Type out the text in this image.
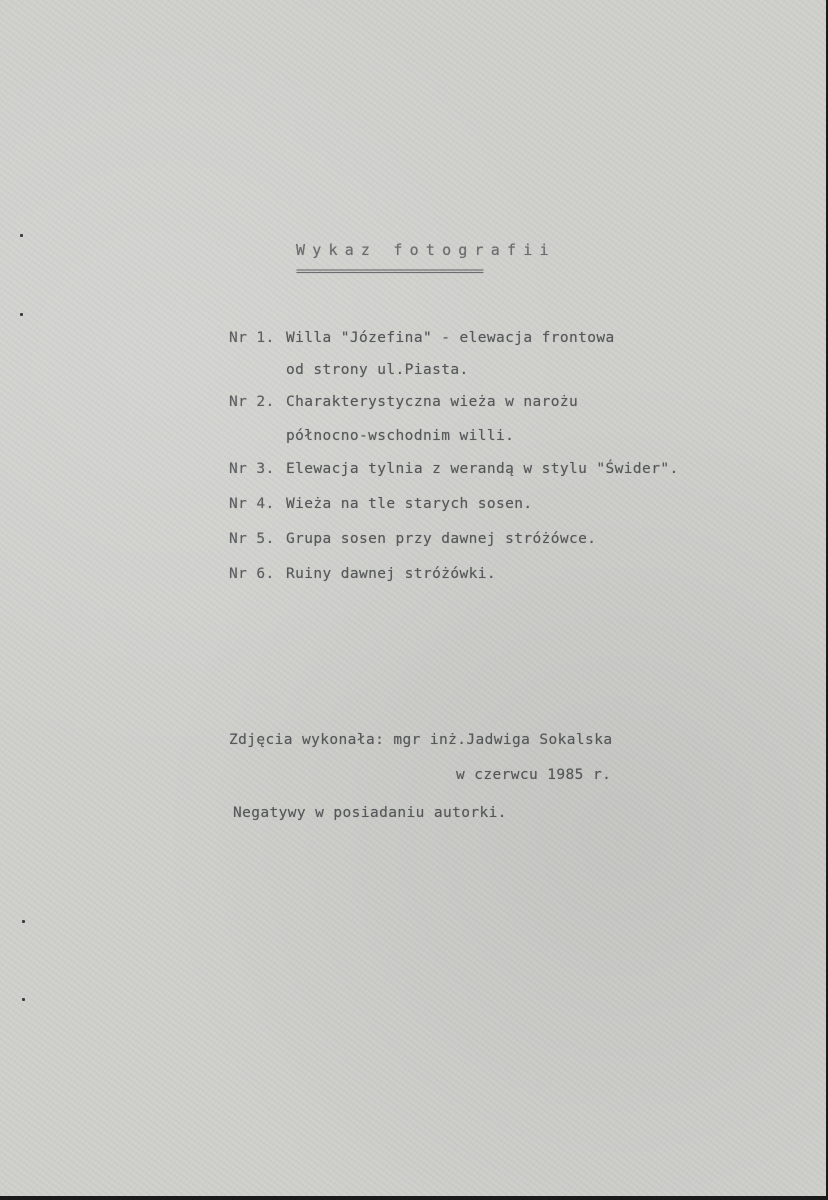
Wykaz fotografii
================================
Nr 1. Willa "Józefina" - elewacja frontowa
od strony ul.Piasta.
Nr 2. Charakterystyczna wieża w narożu
północno-wschodnim willi.
Nr 3. Elewacja tylnia z werandą w stylu "Świder".
Nr 4. Wieża na tle starych sosen.
Nr 5. Grupa sosen przy dawnej stróżówce.
Nr 6. Ruiny dawnej stróżówki.
Zdjęcia wykonała: mgr inż.Jadwiga Sokalska
w czerwcu 1985 r.
Negatywy w posiadaniu autorki.
